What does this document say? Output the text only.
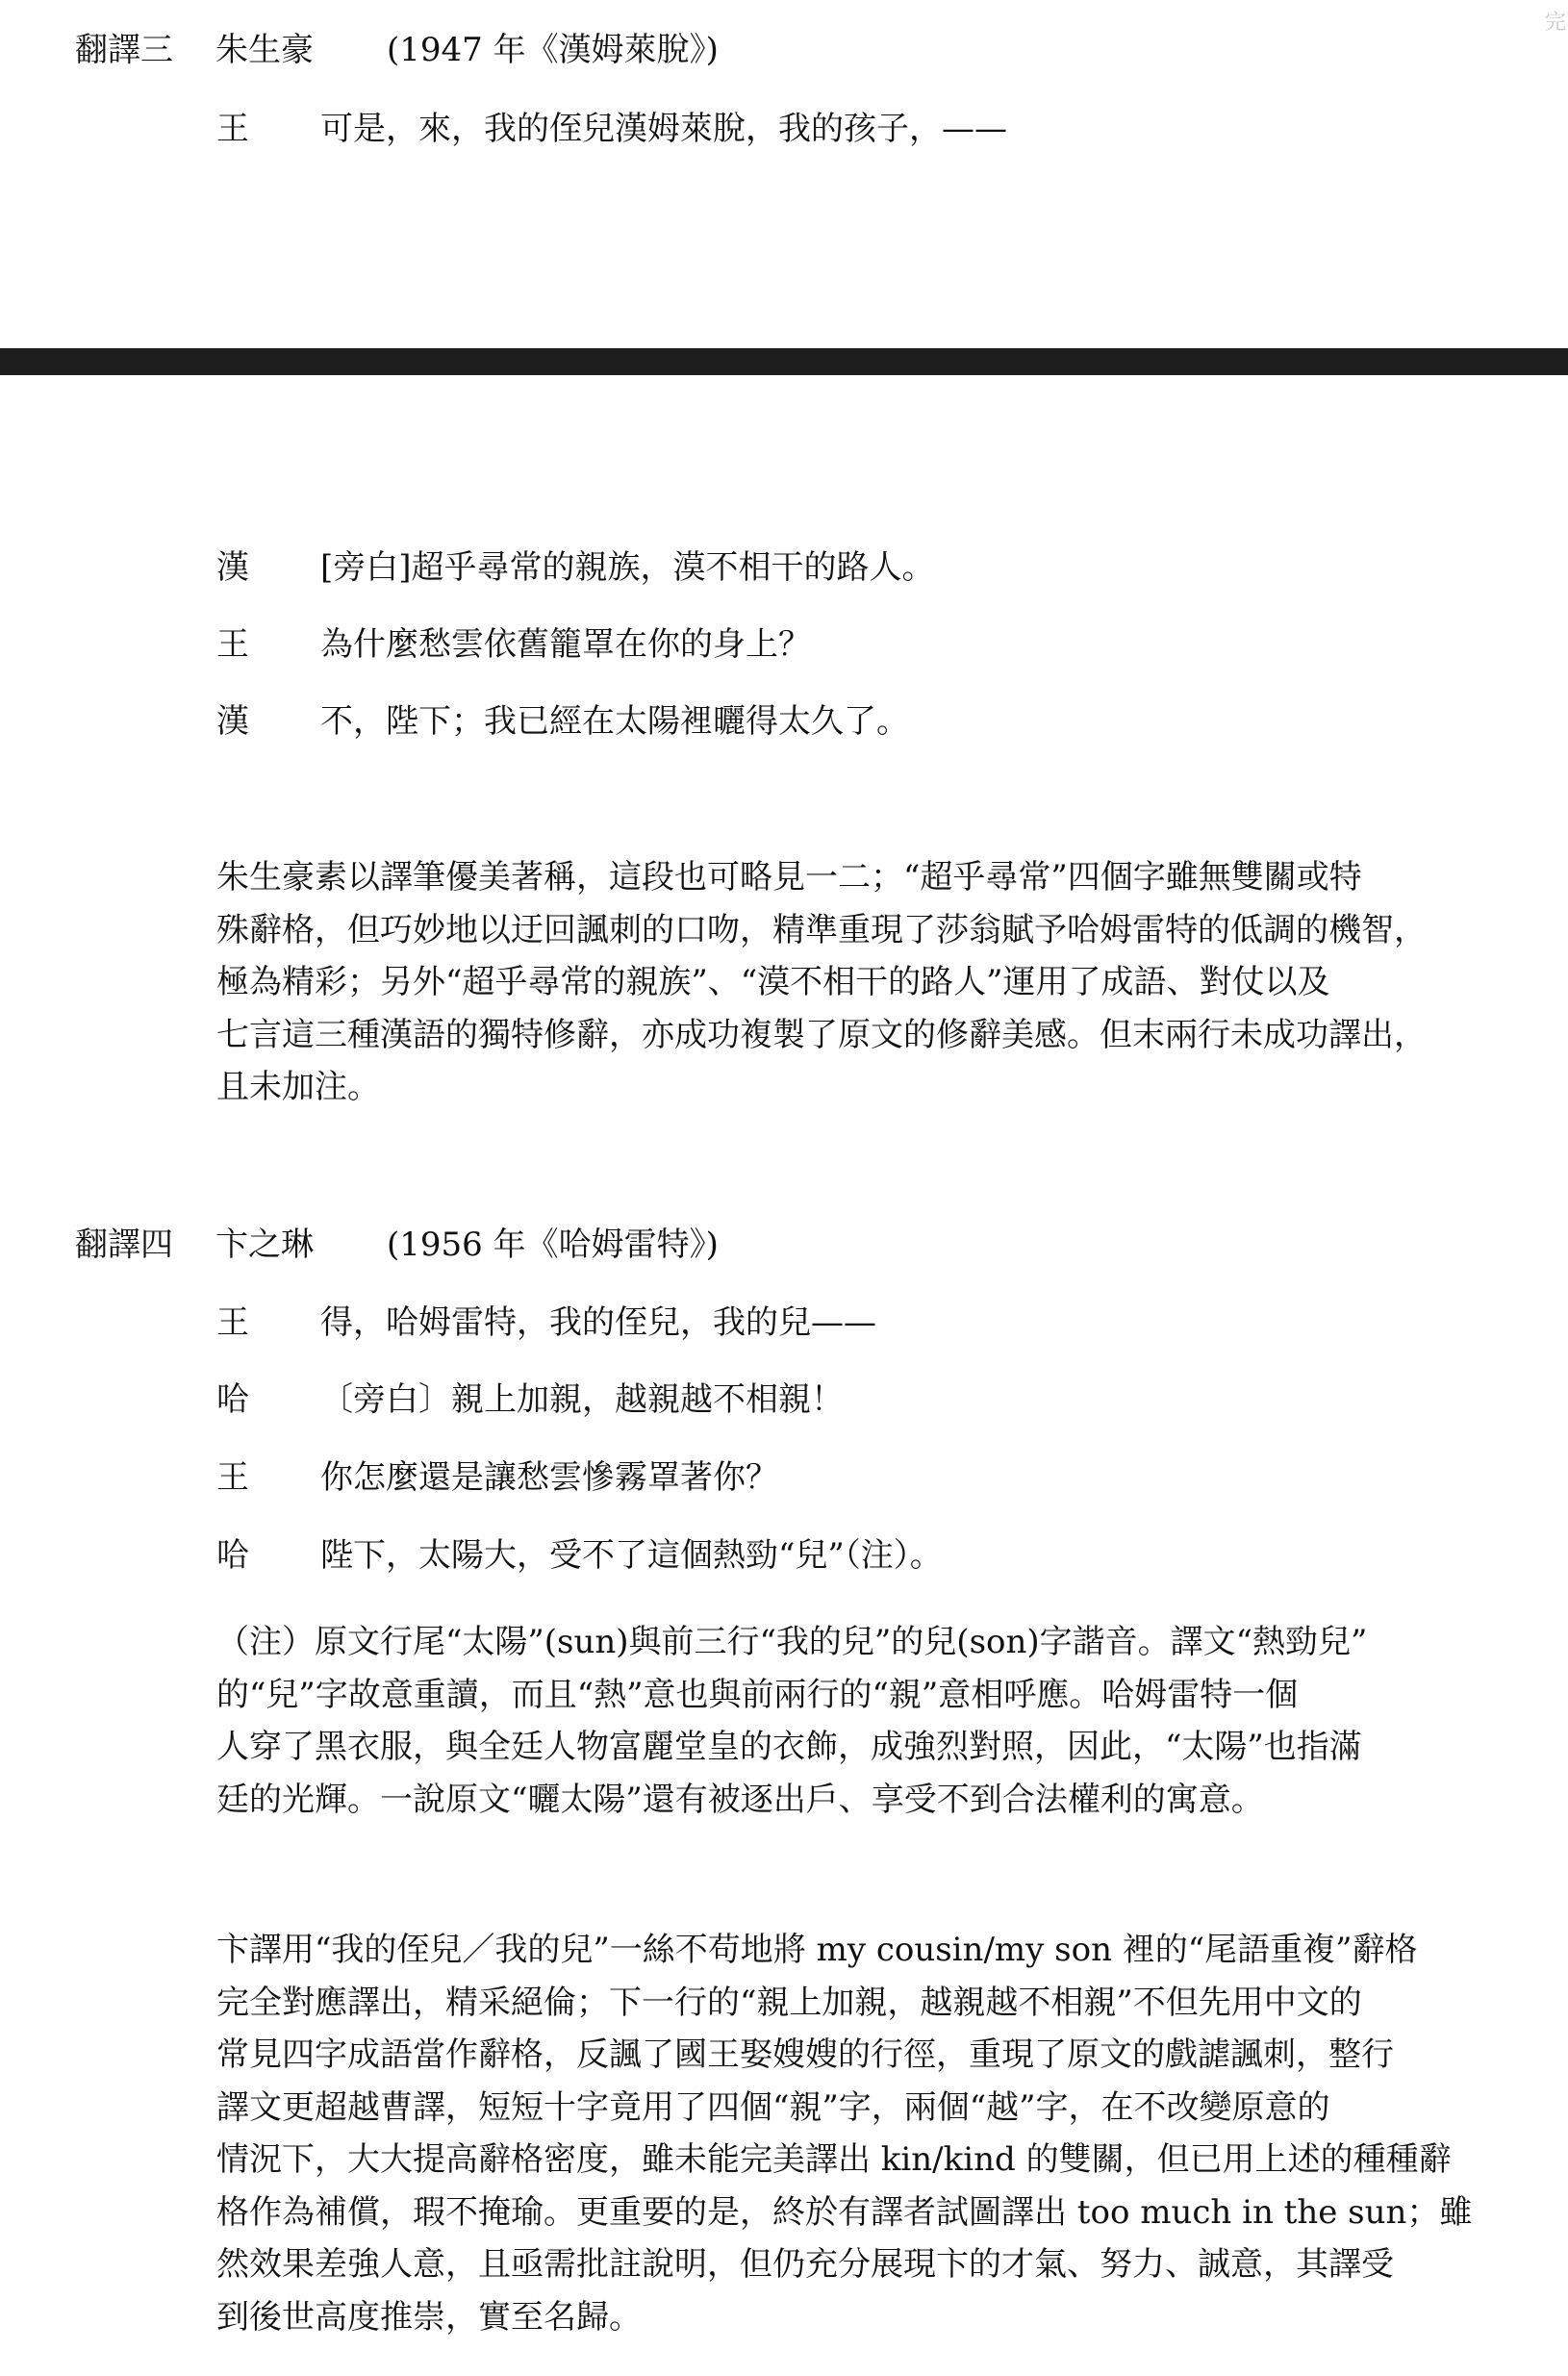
完
翻譯三 朱生豪 (1947 年《漢姆萊脫》)
王 可是，來，我的侄兒漢姆萊脫，我的孩子，——
漢 [旁白]超乎尋常的親族，漠不相干的路人。
王 為什麼愁雲依舊籠罩在你的身上？
漢 不，陛下；我已經在太陽裡曬得太久了。

朱生豪素以譯筆優美著稱，這段也可略見一二；“超乎尋常”四個字雖無雙關或特

殊辭格，但巧妙地以迂回諷刺的口吻，精準重現了莎翁賦予哈姆雷特的低調的機智，

極為精彩；另外“超乎尋常的親族”、“漠不相干的路人”運用了成語、對仗以及

七言這三種漢語的獨特修辭，亦成功複製了原文的修辭美感。但末兩行未成功譯出，

且未加注。

翻譯四 卞之琳 (1956 年《哈姆雷特》)
王 得，哈姆雷特，我的侄兒，我的兒——
哈 〔旁白〕親上加親，越親越不相親！
王 你怎麼還是讓愁雲慘霧罩著你？
哈 陛下，太陽大，受不了這個熱勁“兒”（注）。

（注）原文行尾“太陽”(sun)與前三行“我的兒”的兒(son)字諧音。譯文“熱勁兒”

的“兒”字故意重讀，而且“熱”意也與前兩行的“親”意相呼應。哈姆雷特一個

人穿了黑衣服，與全廷人物富麗堂皇的衣飾，成強烈對照，因此，“太陽”也指滿

廷的光輝。一說原文“曬太陽”還有被逐出戶、享受不到合法權利的寓意。

卞譯用“我的侄兒／我的兒”一絲不苟地將 my cousin/my son 裡的“尾語重複”辭格

完全對應譯出，精采絕倫；下一行的“親上加親，越親越不相親”不但先用中文的

常見四字成語當作辭格，反諷了國王娶嫂嫂的行徑，重現了原文的戲謔諷刺，整行

譯文更超越曹譯，短短十字竟用了四個“親”字，兩個“越”字，在不改變原意的

情況下，大大提高辭格密度，雖未能完美譯出 kin/kind 的雙關，但已用上述的種種辭

格作為補償，瑕不掩瑜。更重要的是，終於有譯者試圖譯出 too much in the sun；雖

然效果差強人意，且亟需批註說明，但仍充分展現卞的才氣、努力、誠意，其譯受

到後世高度推崇，實至名歸。
